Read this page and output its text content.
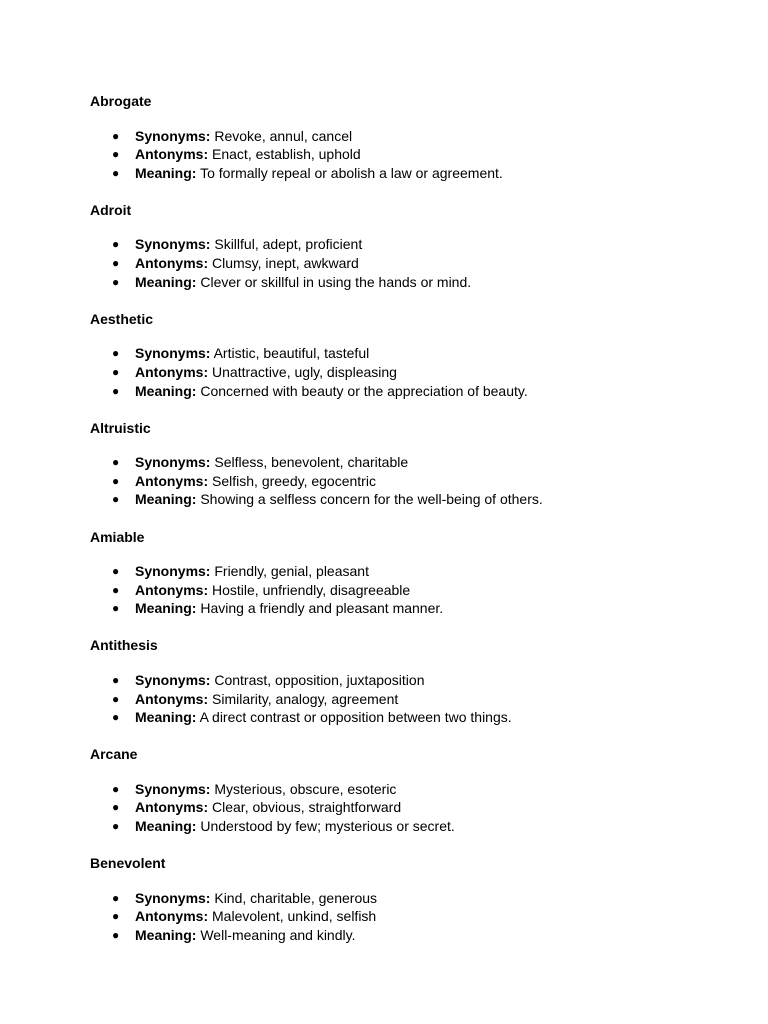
Abrogate
● Synonyms: Revoke, annul, cancel
● Antonyms: Enact, establish, uphold
● Meaning: To formally repeal or abolish a law or agreement.
Adroit
● Synonyms: Skillful, adept, proficient
● Antonyms: Clumsy, inept, awkward
● Meaning: Clever or skillful in using the hands or mind.
Aesthetic
● Synonyms: Artistic, beautiful, tasteful
● Antonyms: Unattractive, ugly, displeasing
● Meaning: Concerned with beauty or the appreciation of beauty.
Altruistic
● Synonyms: Selfless, benevolent, charitable
● Antonyms: Selfish, greedy, egocentric
● Meaning: Showing a selfless concern for the well-being of others.
Amiable
● Synonyms: Friendly, genial, pleasant
● Antonyms: Hostile, unfriendly, disagreeable
● Meaning: Having a friendly and pleasant manner.
Antithesis
● Synonyms: Contrast, opposition, juxtaposition
● Antonyms: Similarity, analogy, agreement
● Meaning: A direct contrast or opposition between two things.
Arcane
● Synonyms: Mysterious, obscure, esoteric
● Antonyms: Clear, obvious, straightforward
● Meaning: Understood by few; mysterious or secret.
Benevolent
● Synonyms: Kind, charitable, generous
● Antonyms: Malevolent, unkind, selfish
● Meaning: Well-meaning and kindly.
